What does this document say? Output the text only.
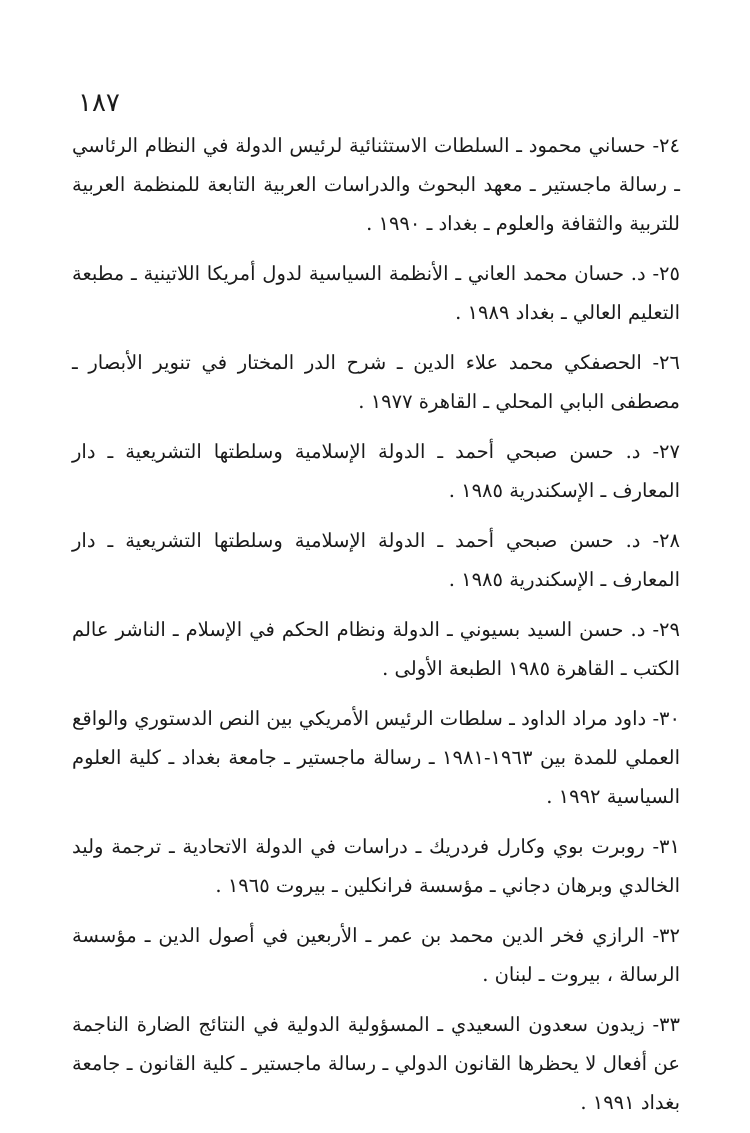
١٨٧

٢٤- حساني محمود ـ السلطات الاستثنائية لرئيس الدولة في النظام الرئاسي ـ رسالة ماجستير ـ معهد البحوث والدراسات العربية التابعة للمنظمة العربية للتربية والثقافة والعلوم ـ بغداد ـ ١٩٩٠ .

٢٥- د. حسان محمد العاني ـ الأنظمة السياسية لدول أمريكا اللاتينية ـ مطبعة التعليم العالي ـ بغداد ١٩٨٩ .

٢٦- الحصفكي محمد علاء الدين ـ شرح الدر المختار في تنوير الأبصار ـ مصطفى البابي المحلي ـ القاهرة ١٩٧٧ .

٢٧- د. حسن صبحي أحمد ـ الدولة الإسلامية وسلطتها التشريعية ـ دار المعارف ـ الإسكندرية ١٩٨٥ .

٢٨- د. حسن صبحي أحمد ـ الدولة الإسلامية وسلطتها التشريعية ـ دار المعارف ـ الإسكندرية ١٩٨٥ .

٢٩- د. حسن السيد بسيوني ـ الدولة ونظام الحكم في الإسلام ـ الناشر عالم الكتب ـ القاهرة ١٩٨٥ الطبعة الأولى .

٣٠- داود مراد الداود ـ سلطات الرئيس الأمريكي بين النص الدستوري والواقع العملي للمدة بين ١٩٦٣-١٩٨١ ـ رسالة ماجستير ـ جامعة بغداد ـ كلية العلوم السياسية ١٩٩٢ .

٣١- روبرت بوي وكارل فردريك ـ دراسات في الدولة الاتحادية ـ ترجمة وليد الخالدي وبرهان دجاني ـ مؤسسة فرانكلين ـ بيروت ١٩٦٥ .

٣٢- الرازي فخر الدين محمد بن عمر ـ الأربعين في أصول الدين ـ مؤسسة الرسالة ، بيروت ـ لبنان .

٣٣- زيدون سعدون السعيدي ـ المسؤولية الدولية في النتائج الضارة الناجمة عن أفعال لا يحظرها القانون الدولي ـ رسالة ماجستير ـ كلية القانون ـ جامعة بغداد ١٩٩١ .
